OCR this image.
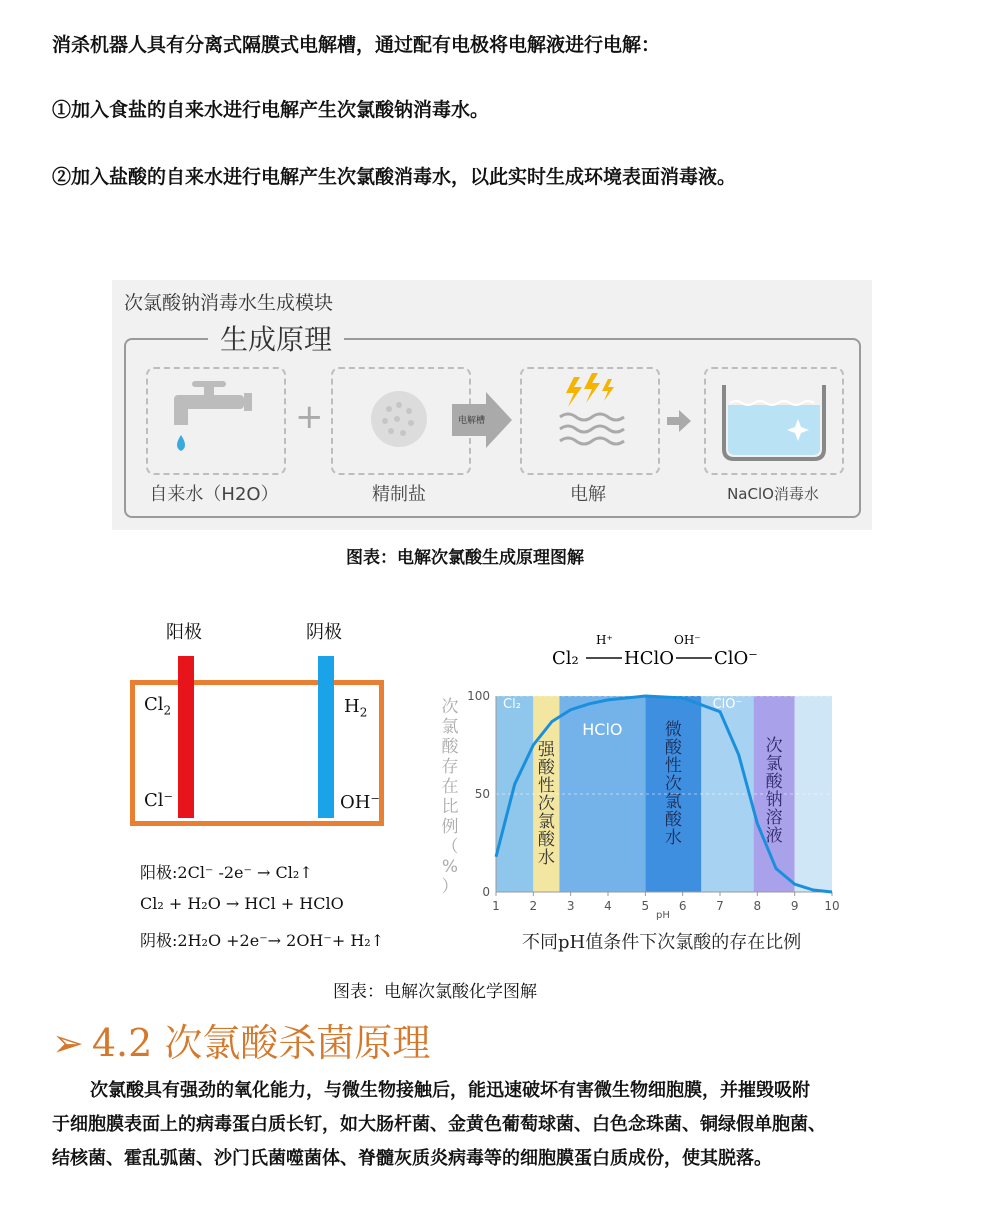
消杀机器人具有分离式隔膜式电解槽，通过配有电极将电解液进行电解：

①加入食盐的自来水进行电解产生次氯酸钠消毒水。

②加入盐酸的自来水进行电解产生次氯酸消毒水，以此实时生成环境表面消毒液。

次氯酸钠消毒水生成模块
生成原理
+	电解槽
自来水（H2O）	精制盐	电解	NaClO消毒水
图表：电解次氯酸生成原理图解
阳极	阴极
$Cl_2$
Cl⁻
$H_2$
OH⁻
阳极:2Cl⁻ -2e⁻ → Cl₂↑
Cl₂ + H₂O → HCl + HClO
阴极:2H₂O +2e⁻→ 2OH⁻+ H₂↑
Cl₂
H⁺
HClO
OH⁻
ClO⁻
1 2 3 4 5 6 7 8 9 10
0
50
100
Cl₂
强酸性次氯酸水
HClO 微酸性次氯酸水
ClO⁻
次氯酸钠溶液
次氯酸存在比例（%）
pH
不同pH值条件下次氯酸的存在比例
图表：电解次氯酸化学图解
➢ 4.2 次氯酸杀菌原理
次氯酸具有强劲的氧化能力，与微生物接触后，能迅速破坏有害微生物细胞膜，并摧毁吸附
于细胞膜表面上的病毒蛋白质长钉，如大肠杆菌、金黄色葡萄球菌、白色念珠菌、铜绿假单胞菌、
结核菌、霍乱弧菌、沙门氏菌噬菌体、脊髓灰质炎病毒等的细胞膜蛋白质成份，使其脱落。
